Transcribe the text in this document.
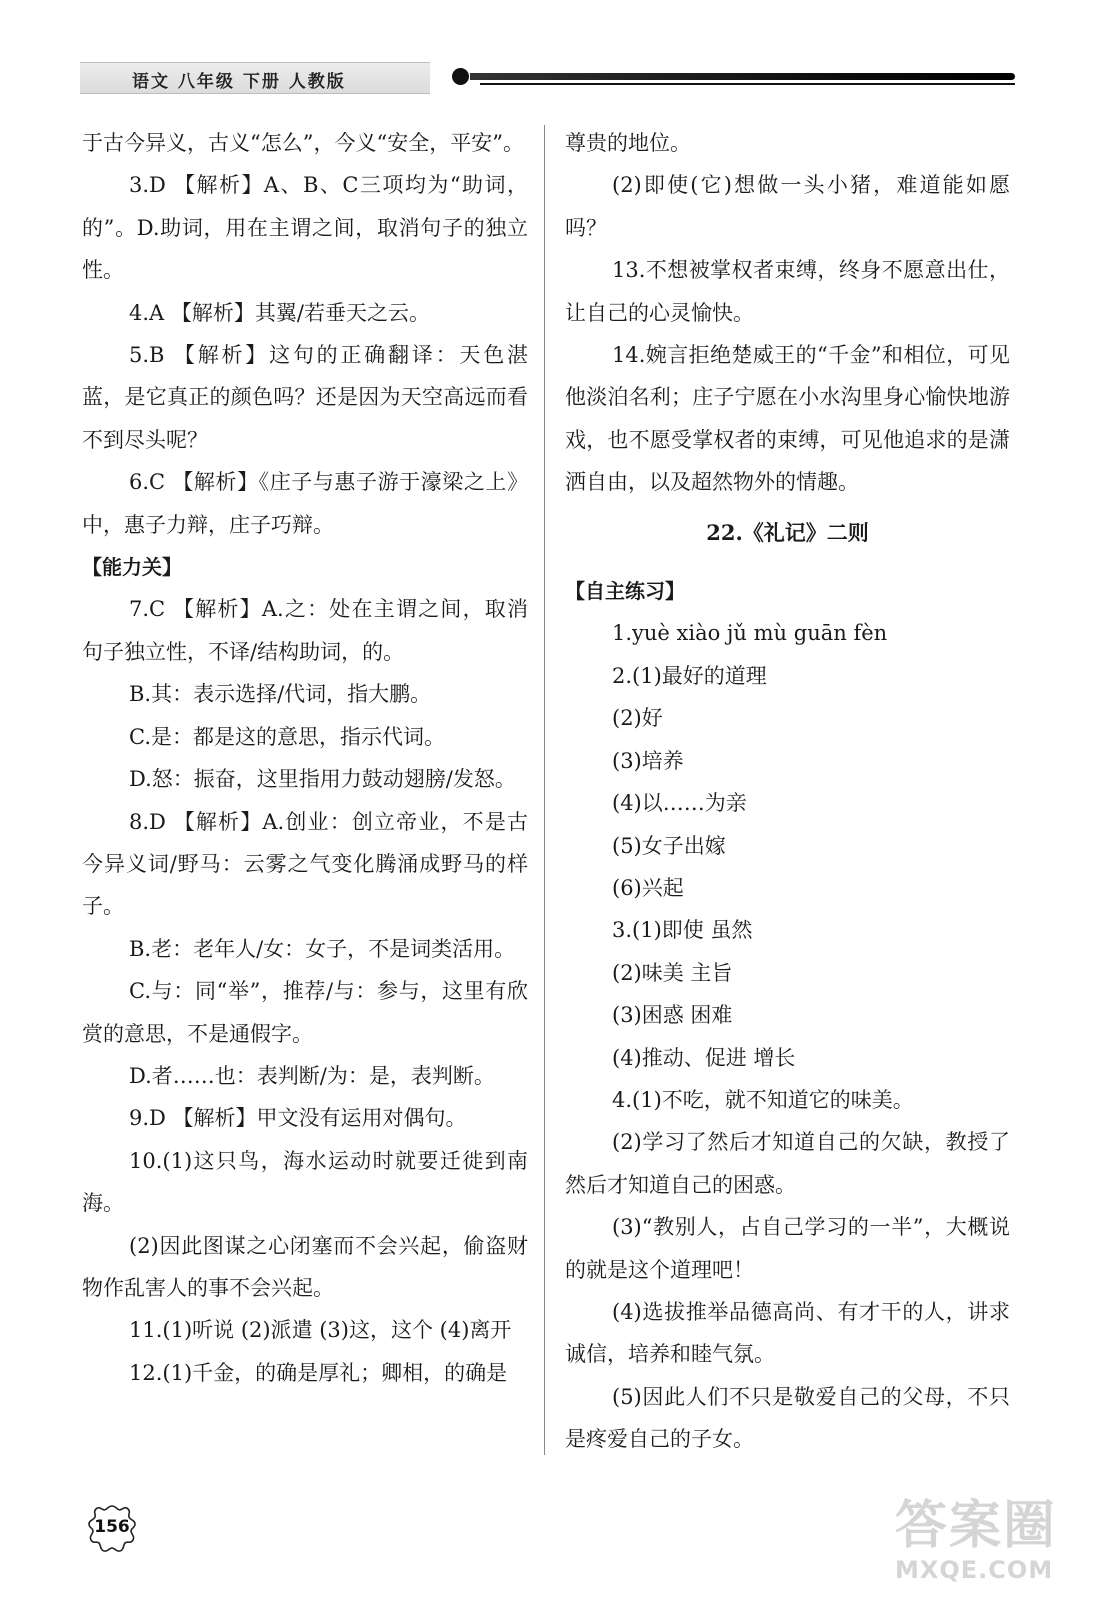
语文 八年级 下册 人教版

于古今异义，古义“怎么”，今义“安全，平安”。

3.D 【解析】A、B、C三项均为“助词，的”。D.助词，用在主谓之间，取消句子的独立性。

4.A 【解析】其翼/若垂天之云。

5.B 【解析】这句的正确翻译：天色湛蓝，是它真正的颜色吗？还是因为天空高远而看不到尽头呢？

6.C 【解析】《庄子与惠子游于濠梁之上》中，惠子力辩，庄子巧辩。

【能力关】

7.C 【解析】A.之：处在主谓之间，取消句子独立性，不译/结构助词，的。

B.其：表示选择/代词，指大鹏。

C.是：都是这的意思，指示代词。

D.怒：振奋，这里指用力鼓动翅膀/发怒。

8.D 【解析】A.创业：创立帝业，不是古今异义词/野马：云雾之气变化腾涌成野马的样子。

B.老：老年人/女：女子，不是词类活用。

C.与：同“举”，推荐/与：参与，这里有欣赏的意思，不是通假字。

D.者……也：表判断/为：是，表判断。

9.D 【解析】甲文没有运用对偶句。

10.(1)这只鸟，海水运动时就要迁徙到南海。

(2)因此图谋之心闭塞而不会兴起，偷盗财物作乱害人的事不会兴起。

11.(1)听说 (2)派遣 (3)这，这个 (4)离开

12.(1)千金，的确是厚礼；卿相，的确是

尊贵的地位。

(2)即使(它)想做一头小猪，难道能如愿吗？

13.不想被掌权者束缚，终身不愿意出仕，让自己的心灵愉快。

14.婉言拒绝楚威王的“千金”和相位，可见他淡泊名利；庄子宁愿在小水沟里身心愉快地游戏，也不愿受掌权者的束缚，可见他追求的是潇洒自由，以及超然物外的情趣。

22.《礼记》二则

【自主练习】

1.yuè xiào jǔ mù guān fèn

2.(1)最好的道理

(2)好

(3)培养

(4)以……为亲

(5)女子出嫁

(6)兴起

3.(1)即使 虽然

(2)味美 主旨

(3)困惑 困难

(4)推动、促进 增长

4.(1)不吃，就不知道它的味美。

(2)学习了然后才知道自己的欠缺，教授了然后才知道自己的困惑。

(3)“教别人，占自己学习的一半”，大概说的就是这个道理吧！

(4)选拔推举品德高尚、有才干的人，讲求诚信，培养和睦气氛。

(5)因此人们不只是敬爱自己的父母，不只是疼爱自己的子女。

156	答案圈
MXQE.COM
